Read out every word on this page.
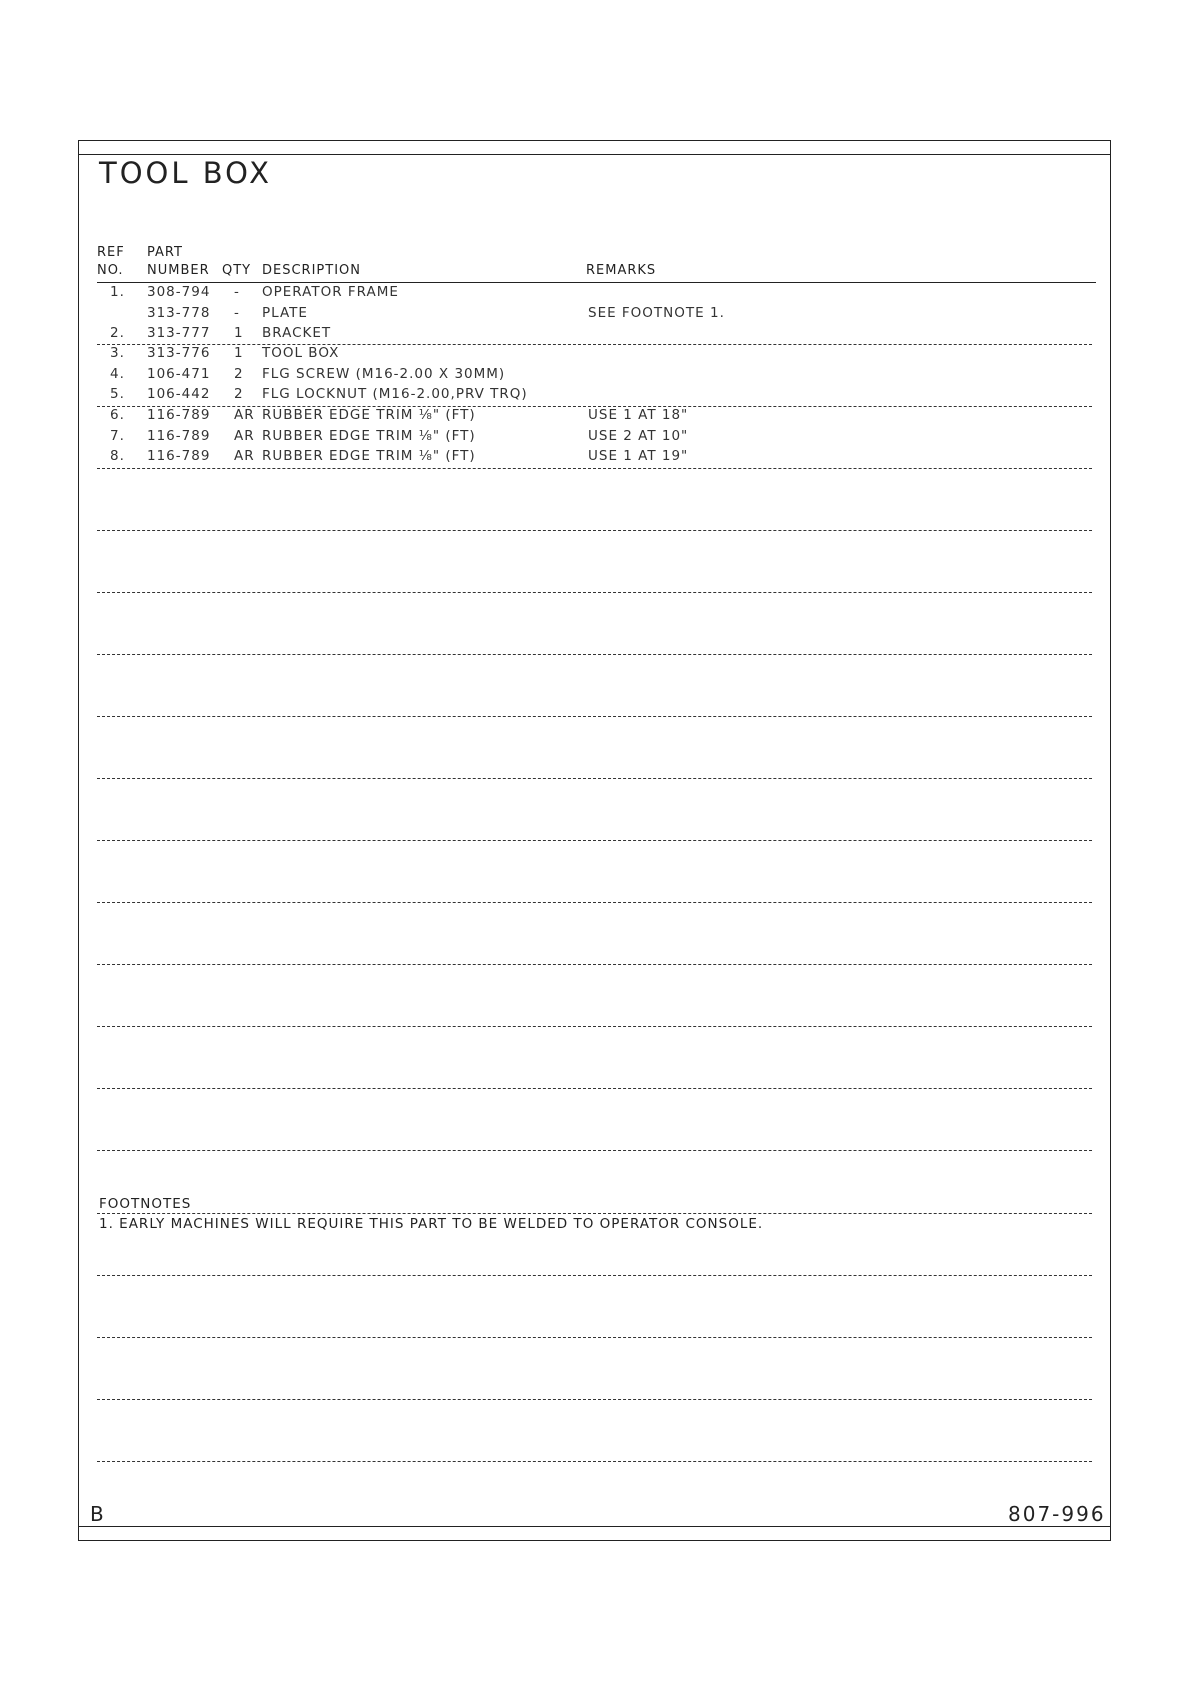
TOOL BOX
REF
NO.
PART
NUMBER QTY DESCRIPTION	REMARKS
1. 308-794 - OPERATOR FRAME
313-778 - PLATE	SEE FOOTNOTE 1.
2. 313-777 1 BRACKET
3. 313-776 1 TOOL BOX
4. 106-471 2 FLG SCREW (M16-2.00 X 30MM)
5. 106-442 2 FLG LOCKNUT (M16-2.00,PRV TRQ)
6. 116-789 AR RUBBER EDGE TRIM ⅛" (FT)	USE 1 AT 18"
7. 116-789 AR RUBBER EDGE TRIM ⅛" (FT)	USE 2 AT 10"
8. 116-789 AR RUBBER EDGE TRIM ⅛" (FT)	USE 1 AT 19"
FOOTNOTES
1. EARLY MACHINES WILL REQUIRE THIS PART TO BE WELDED TO OPERATOR CONSOLE.
B	807-996
